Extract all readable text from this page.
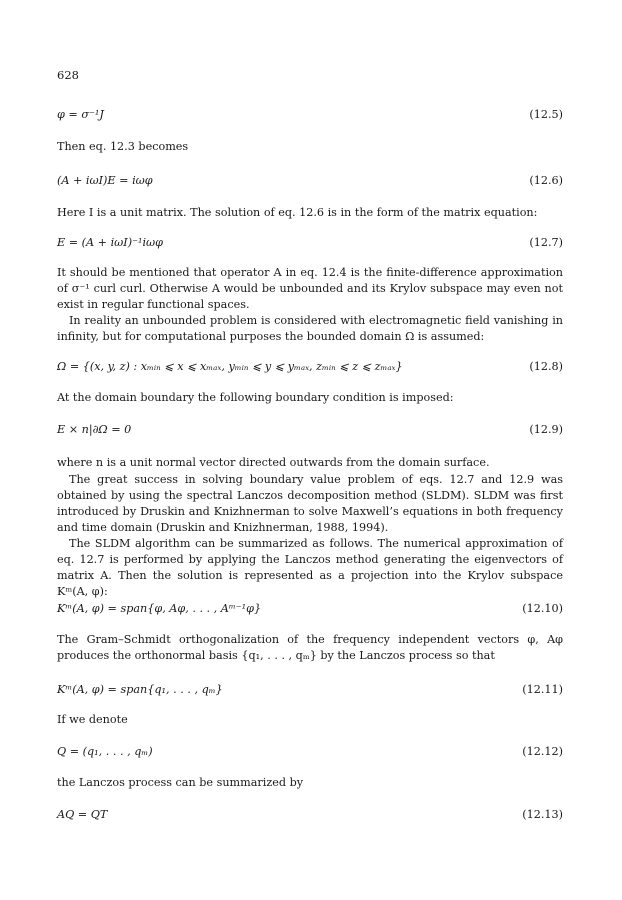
628
φ = σ⁻¹J	(12.5)
Then eq. 12.3 becomes
(A + iωI)E = iωφ	(12.6)
Here I is a unit matrix. The solution of eq. 12.6 is in the form of the matrix equation:
E = (A + iωI)⁻¹iωφ	(12.7)

It should be mentioned that operator A in eq. 12.4 is the finite-difference approximation of σ⁻¹ curl curl. Otherwise A would be unbounded and its Krylov subspace may even not exist in regular functional spaces.

In reality an unbounded problem is considered with electromagnetic field vanishing in infinity, but for computational purposes the bounded domain Ω is assumed:

Ω = {(x, y, z) : xₘᵢₙ ⩽ x ⩽ xₘₐₓ, yₘᵢₙ ⩽ y ⩽ yₘₐₓ, zₘᵢₙ ⩽ z ⩽ zₘₐₓ}	(12.8)
At the domain boundary the following boundary condition is imposed:
E × n|∂Ω = 0	(12.9)
where n is a unit normal vector directed outwards from the domain surface.

The great success in solving boundary value problem of eqs. 12.7 and 12.9 was obtained by using the spectral Lanczos decomposition method (SLDM). SLDM was first introduced by Druskin and Knizhnerman to solve Maxwell’s equations in both frequency and time domain (Druskin and Knizhnerman, 1988, 1994).

The SLDM algorithm can be summarized as follows. The numerical approximation of eq. 12.7 is performed by applying the Lanczos method generating the eigenvectors of matrix A. Then the solution is represented as a projection into the Krylov subspace Kᵐ(A, φ):

Kᵐ(A, φ) = span{φ, Aφ, . . . , Aᵐ⁻¹φ}	(12.10)

The Gram–Schmidt orthogonalization of the frequency independent vectors φ, Aφ produces the orthonormal basis {q₁, . . . , qₘ} by the Lanczos process so that

Kᵐ(A, φ) = span{q₁, . . . , qₘ}	(12.11)
If we denote
Q = (q₁, . . . , qₘ)	(12.12)
the Lanczos process can be summarized by
AQ = QT	(12.13)
